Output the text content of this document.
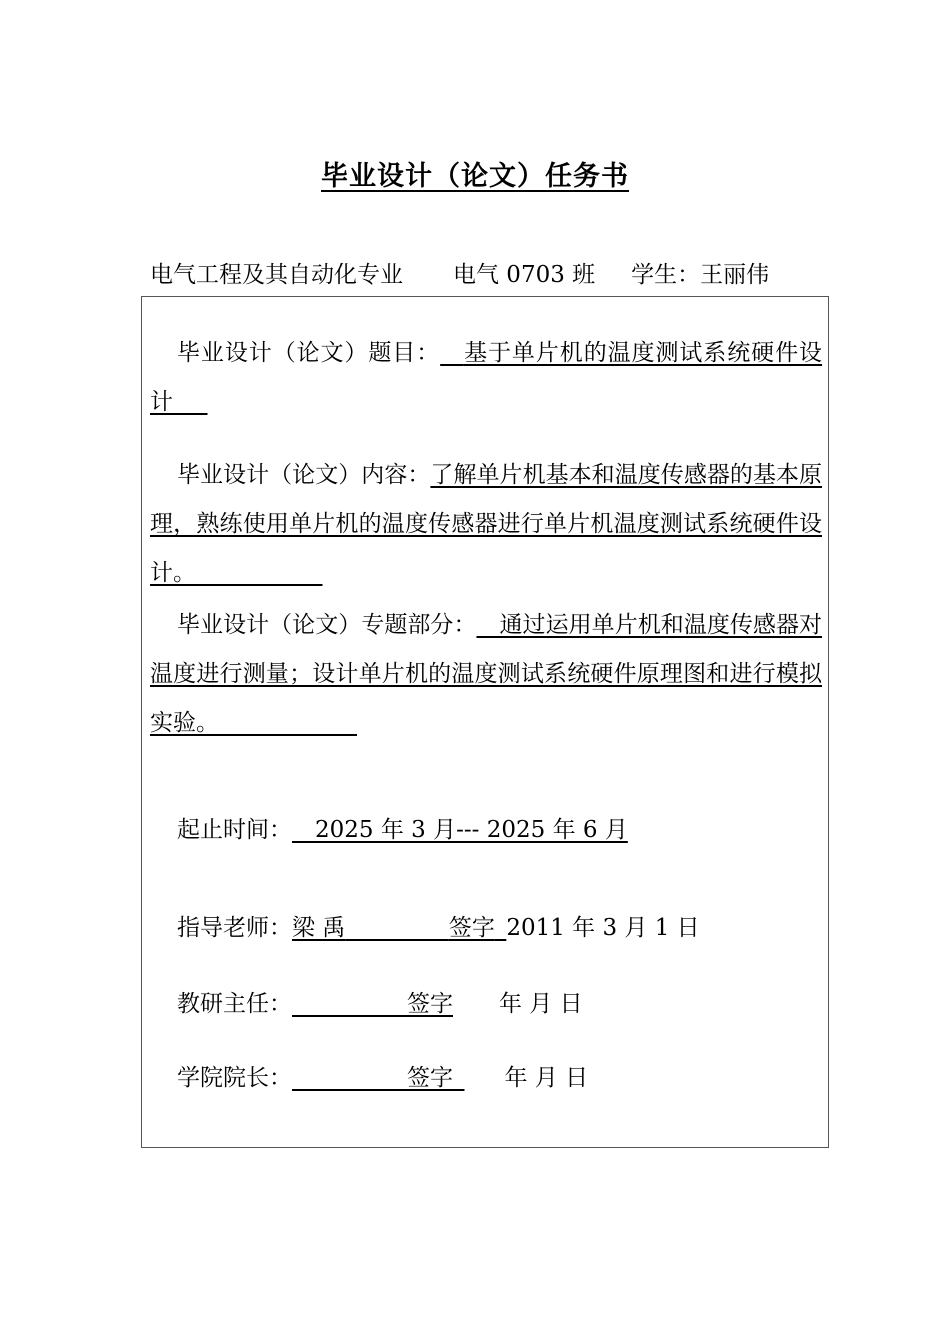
毕业设计（论文）任务书
电气工程及其自动化专业 电气 0703 班 学生：王丽伟
毕业设计（论文）题目：   基于单片机的温度测试系统硬件设计   
毕业设计（论文）内容：了解单片机基本和温度传感器的基本原理，熟练使用单片机的温度传感器进行单片机温度测试系统硬件设计。      
毕业设计（论文）专题部分：   通过运用单片机和温度传感器对温度进行测量；设计单片机的温度测试系统硬件原理图和进行模拟实验。      
起止时间：   2025 年 3 月--- 2025 年 6 月
指导老师：梁 禹     	签字  2011 年 3 月 1 日
教研主任：      	签字 年 月 日
学院院长：      	签字  年 月 日
